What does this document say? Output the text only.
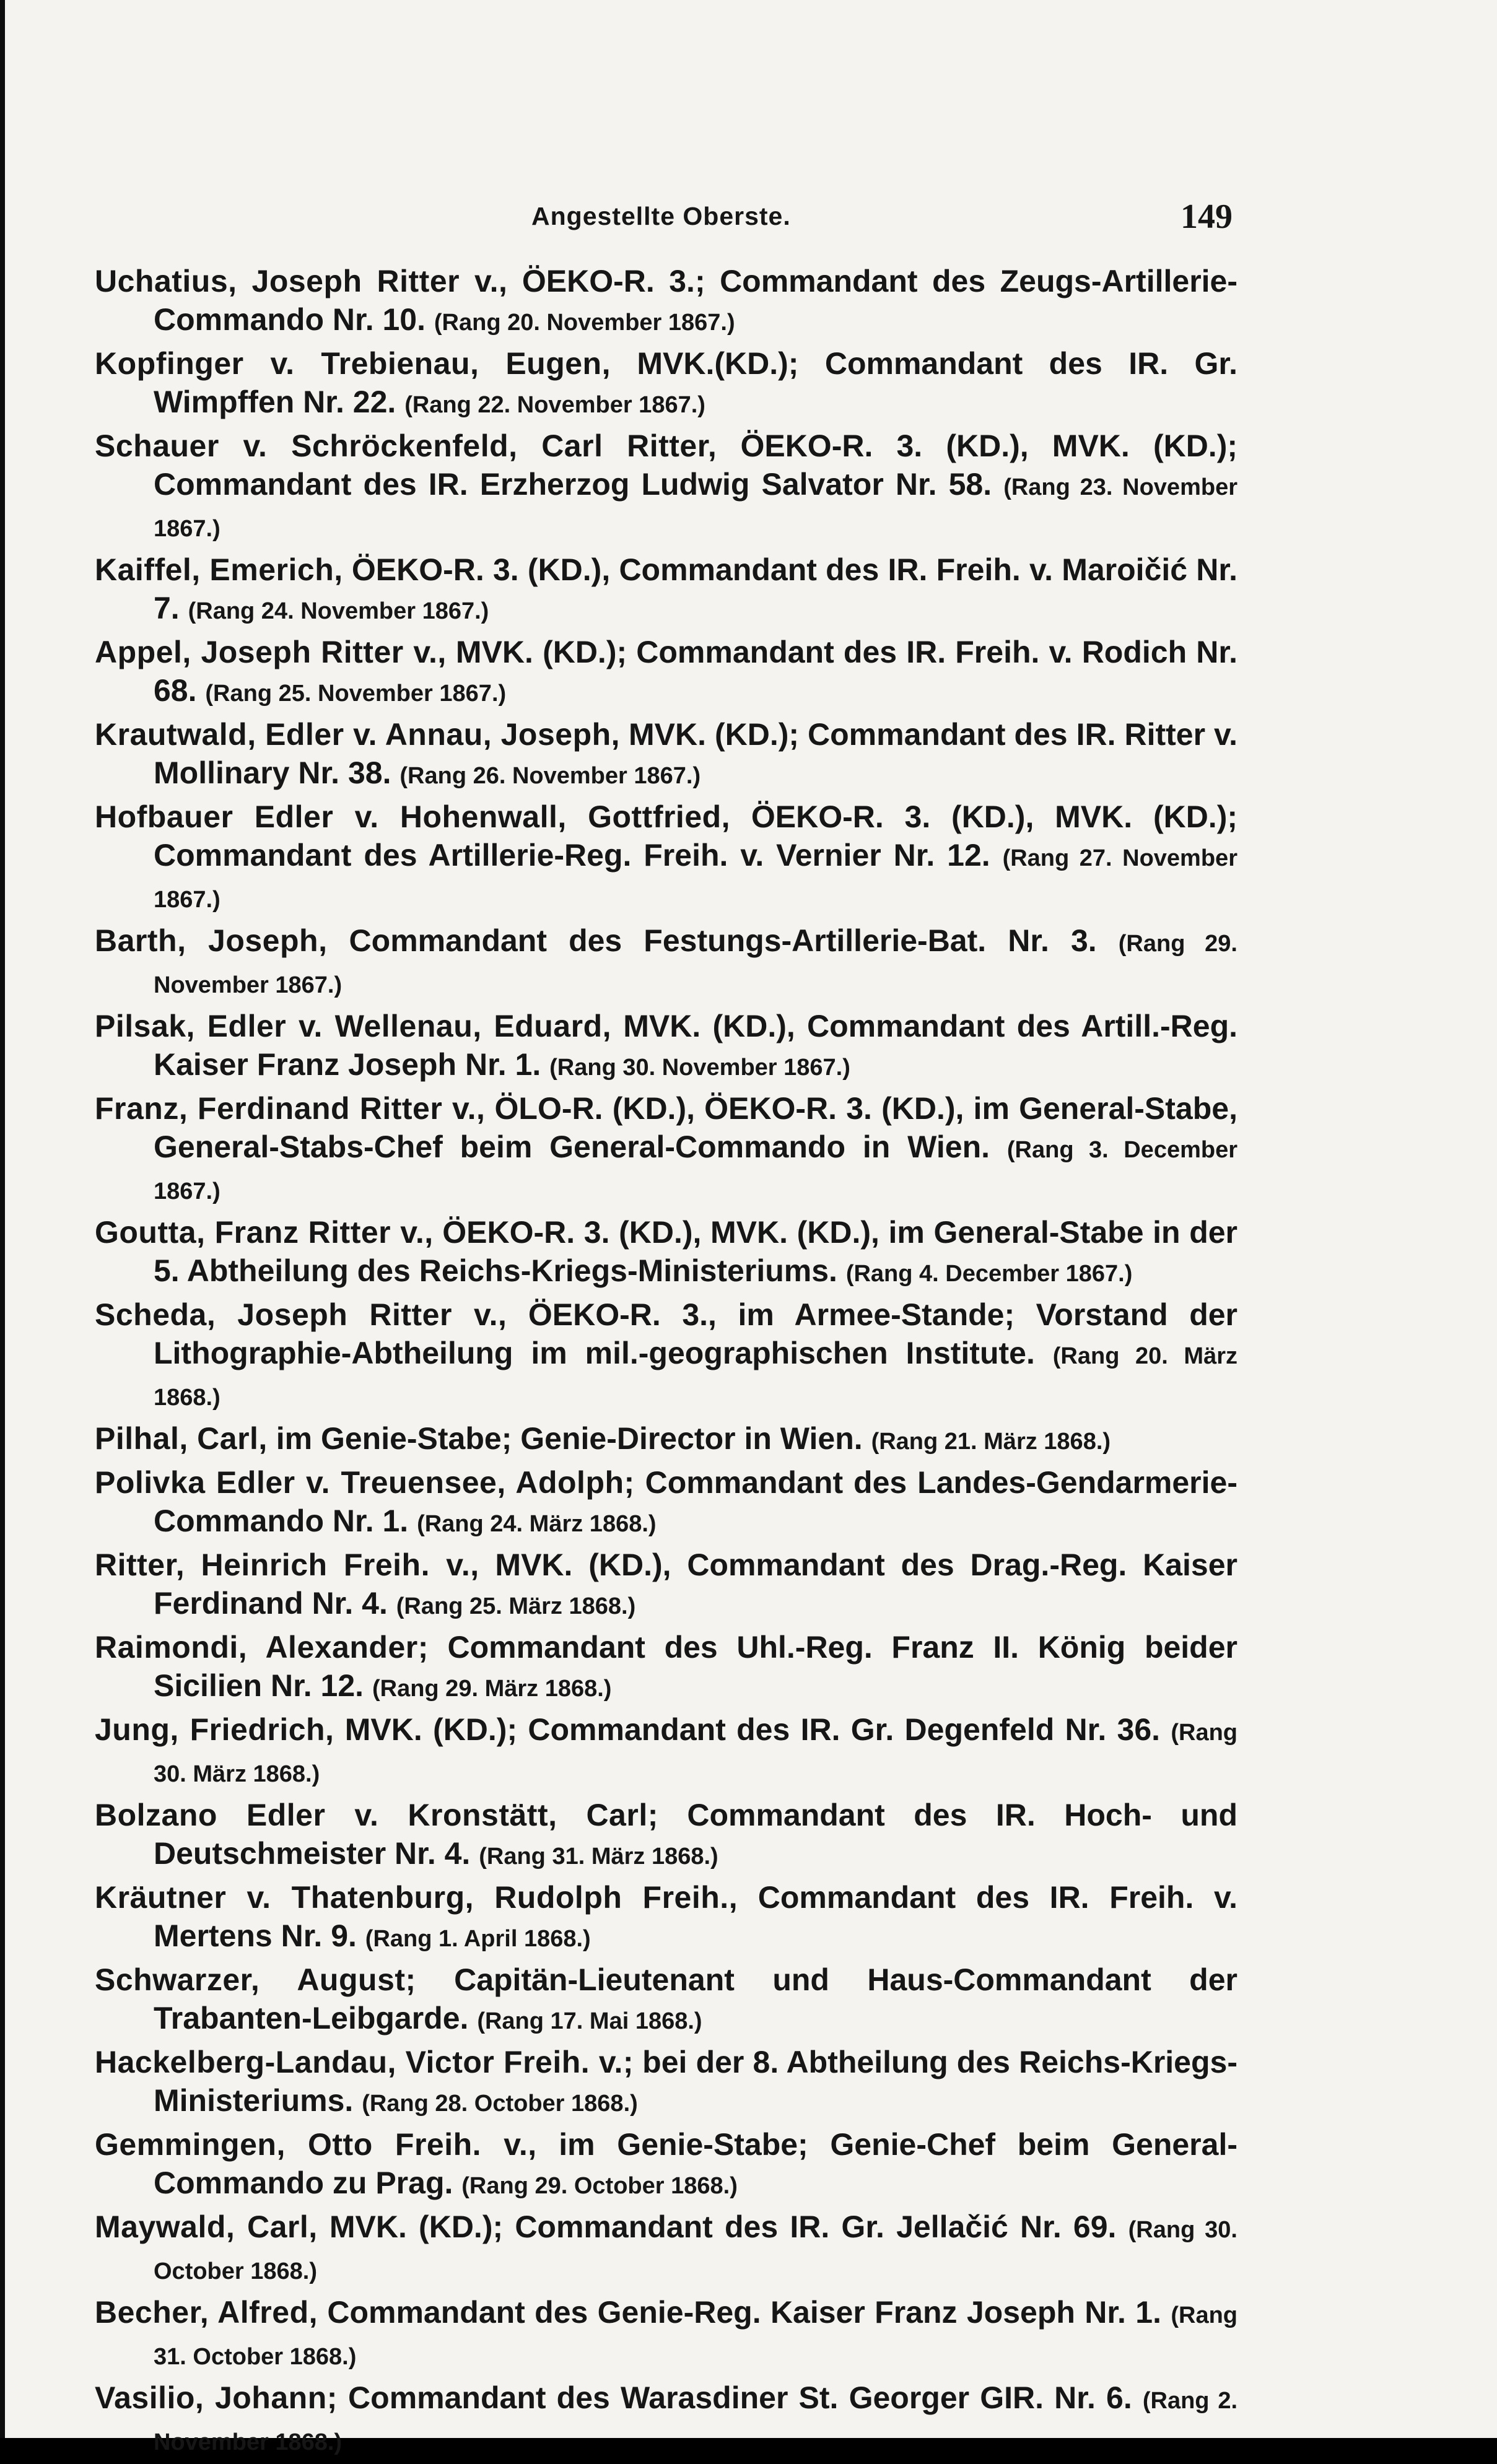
Angestellte Oberste.	149
Uchatius, Joseph Ritter v., ÖEKO-R. 3.; Commandant des Zeugs-Artillerie-Commando Nr. 10. (Rang 20. November 1867.)
Kopfinger v. Trebienau, Eugen, MVK.(KD.); Commandant des IR. Gr. Wimpffen Nr. 22. (Rang 22. November 1867.)
Schauer v. Schröckenfeld, Carl Ritter, ÖEKO-R. 3. (KD.), MVK. (KD.); Commandant des IR. Erzherzog Ludwig Salvator Nr. 58. (Rang 23. November 1867.)
Kaiffel, Emerich, ÖEKO-R. 3. (KD.), Commandant des IR. Freih. v. Maroičić Nr. 7. (Rang 24. November 1867.)
Appel, Joseph Ritter v., MVK. (KD.); Commandant des IR. Freih. v. Rodich Nr. 68. (Rang 25. November 1867.)
Krautwald, Edler v. Annau, Joseph, MVK. (KD.); Commandant des IR. Ritter v. Mollinary Nr. 38. (Rang 26. November 1867.)
Hofbauer Edler v. Hohenwall, Gottfried, ÖEKO-R. 3. (KD.), MVK. (KD.); Commandant des Artillerie-Reg. Freih. v. Vernier Nr. 12. (Rang 27. November 1867.)
Barth, Joseph, Commandant des Festungs-Artillerie-Bat. Nr. 3. (Rang 29. November 1867.)
Pilsak, Edler v. Wellenau, Eduard, MVK. (KD.), Commandant des Artill.-Reg. Kaiser Franz Joseph Nr. 1. (Rang 30. November 1867.)
Franz, Ferdinand Ritter v., ÖLO-R. (KD.), ÖEKO-R. 3. (KD.), im General-Stabe, General-Stabs-Chef beim General-Commando in Wien. (Rang 3. December 1867.)
Goutta, Franz Ritter v., ÖEKO-R. 3. (KD.), MVK. (KD.), im General-Stabe in der 5. Abtheilung des Reichs-Kriegs-Ministeriums. (Rang 4. December 1867.)
Scheda, Joseph Ritter v., ÖEKO-R. 3., im Armee-Stande; Vorstand der Lithographie-Abtheilung im mil.-geographischen Institute. (Rang 20. März 1868.)
Pilhal, Carl, im Genie-Stabe; Genie-Director in Wien. (Rang 21. März 1868.)
Polivka Edler v. Treuensee, Adolph; Commandant des Landes-Gendarmerie-Commando Nr. 1. (Rang 24. März 1868.)
Ritter, Heinrich Freih. v., MVK. (KD.), Commandant des Drag.-Reg. Kaiser Ferdinand Nr. 4. (Rang 25. März 1868.)
Raimondi, Alexander; Commandant des Uhl.-Reg. Franz II. König beider Sicilien Nr. 12. (Rang 29. März 1868.)
Jung, Friedrich, MVK. (KD.); Commandant des IR. Gr. Degenfeld Nr. 36. (Rang 30. März 1868.)
Bolzano Edler v. Kronstätt, Carl; Commandant des IR. Hoch- und Deutschmeister Nr. 4. (Rang 31. März 1868.)
Kräutner v. Thatenburg, Rudolph Freih., Commandant des IR. Freih. v. Mertens Nr. 9. (Rang 1. April 1868.)
Schwarzer, August; Capitän-Lieutenant und Haus-Commandant der Trabanten-Leibgarde. (Rang 17. Mai 1868.)
Hackelberg-Landau, Victor Freih. v.; bei der 8. Abtheilung des Reichs-Kriegs-Ministeriums. (Rang 28. October 1868.)
Gemmingen, Otto Freih. v., im Genie-Stabe; Genie-Chef beim General-Commando zu Prag. (Rang 29. October 1868.)
Maywald, Carl, MVK. (KD.); Commandant des IR. Gr. Jellačić Nr. 69. (Rang 30. October 1868.)
Becher, Alfred, Commandant des Genie-Reg. Kaiser Franz Joseph Nr. 1. (Rang 31. October 1868.)
Vasilio, Johann; Commandant des Warasdiner St. Georger GIR. Nr. 6. (Rang 2. November 1868.)
